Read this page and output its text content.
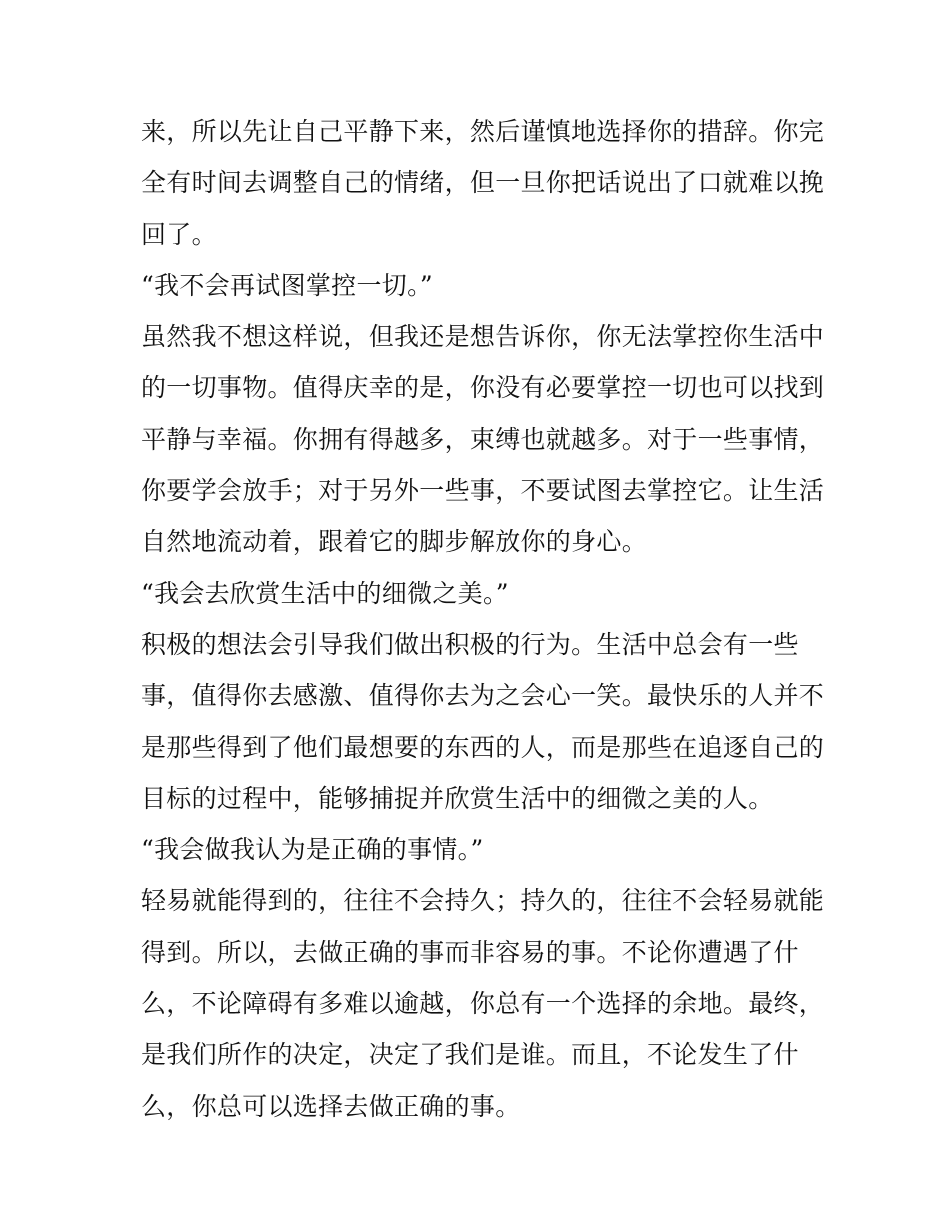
来，所以先让自己平静下来，然后谨慎地选择你的措辞。你完
全有时间去调整自己的情绪，但一旦你把话说出了口就难以挽
回了。
“我不会再试图掌控一切。”
虽然我不想这样说，但我还是想告诉你，你无法掌控你生活中
的一切事物。值得庆幸的是，你没有必要掌控一切也可以找到
平静与幸福。你拥有得越多，束缚也就越多。对于一些事情，
你要学会放手；对于另外一些事，不要试图去掌控它。让生活
自然地流动着，跟着它的脚步解放你的身心。
“我会去欣赏生活中的细微之美。”
积极的想法会引导我们做出积极的行为。生活中总会有一些
事，值得你去感激、值得你去为之会心一笑。最快乐的人并不
是那些得到了他们最想要的东西的人，而是那些在追逐自己的
目标的过程中，能够捕捉并欣赏生活中的细微之美的人。
“我会做我认为是正确的事情。”
轻易就能得到的，往往不会持久；持久的，往往不会轻易就能
得到。所以，去做正确的事而非容易的事。不论你遭遇了什
么，不论障碍有多难以逾越，你总有一个选择的余地。最终，
是我们所作的决定，决定了我们是谁。而且，不论发生了什
么，你总可以选择去做正确的事。
